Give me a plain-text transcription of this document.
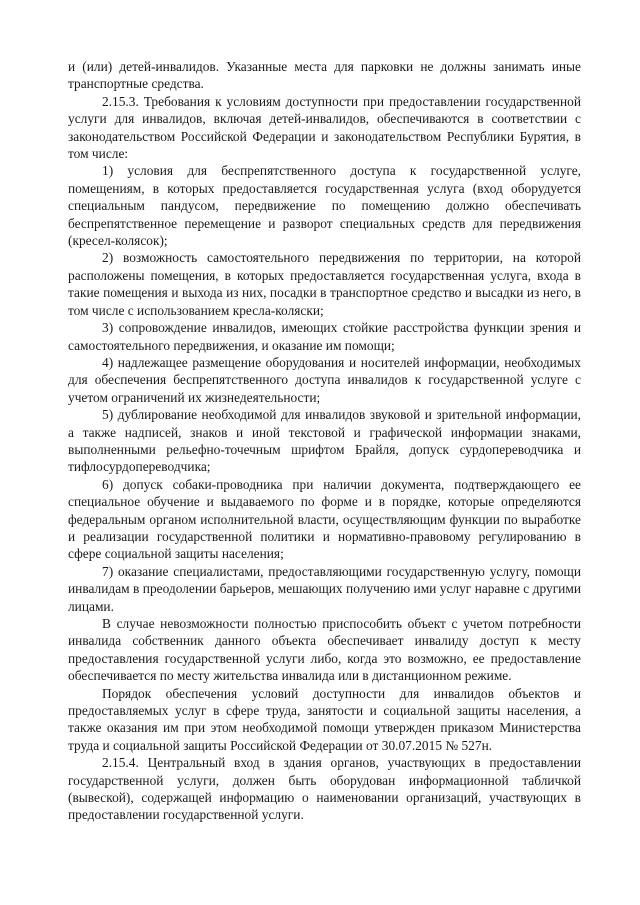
и (или) детей-инвалидов. Указанные места для парковки не должны занимать иные транспортные средства.

2.15.3. Требования к условиям доступности при предоставлении государственной услуги для инвалидов, включая детей-инвалидов, обеспечиваются в соответствии с законодательством Российской Федерации и законодательством Республики Бурятия, в том числе:

1) условия для беспрепятственного доступа к государственной услуге, помещениям, в которых предоставляется государственная услуга (вход оборудуется специальным пандусом, передвижение по помещению должно обеспечивать беспрепятственное перемещение и разворот специальных средств для передвижения (кресел-колясок);

2) возможность самостоятельного передвижения по территории, на которой расположены помещения, в которых предоставляется государственная услуга, входа в такие помещения и выхода из них, посадки в транспортное средство и высадки из него, в том числе с использованием кресла-коляски;

3) сопровождение инвалидов, имеющих стойкие расстройства функции зрения и самостоятельного передвижения, и оказание им помощи;

4) надлежащее размещение оборудования и носителей информации, необходимых для обеспечения беспрепятственного доступа инвалидов к государственной услуге с учетом ограничений их жизнедеятельности;

5) дублирование необходимой для инвалидов звуковой и зрительной информации, а также надписей, знаков и иной текстовой и графической информации знаками, выполненными рельефно-точечным шрифтом Брайля, допуск сурдопереводчика и тифлосурдопереводчика;

6) допуск собаки-проводника при наличии документа, подтверждающего ее специальное обучение и выдаваемого по форме и в порядке, которые определяются федеральным органом исполнительной власти, осуществляющим функции по выработке и реализации государственной политики и нормативно-правовому регулированию в сфере социальной защиты населения;

7) оказание специалистами, предоставляющими государственную услугу, помощи инвалидам в преодолении барьеров, мешающих получению ими услуг наравне с другими лицами.

В случае невозможности полностью приспособить объект с учетом потребности инвалида собственник данного объекта обеспечивает инвалиду доступ к месту предоставления государственной услуги либо, когда это возможно, ее предоставление обеспечивается по месту жительства инвалида или в дистанционном режиме.

Порядок обеспечения условий доступности для инвалидов объектов и предоставляемых услуг в сфере труда, занятости и социальной защиты населения, а также оказания им при этом необходимой помощи утвержден приказом Министерства труда и социальной защиты Российской Федерации от 30.07.2015 № 527н.

2.15.4. Центральный вход в здания органов, участвующих в предоставлении государственной услуги, должен быть оборудован информационной табличкой (вывеской), содержащей информацию о наименовании организаций, участвующих в предоставлении государственной услуги.
